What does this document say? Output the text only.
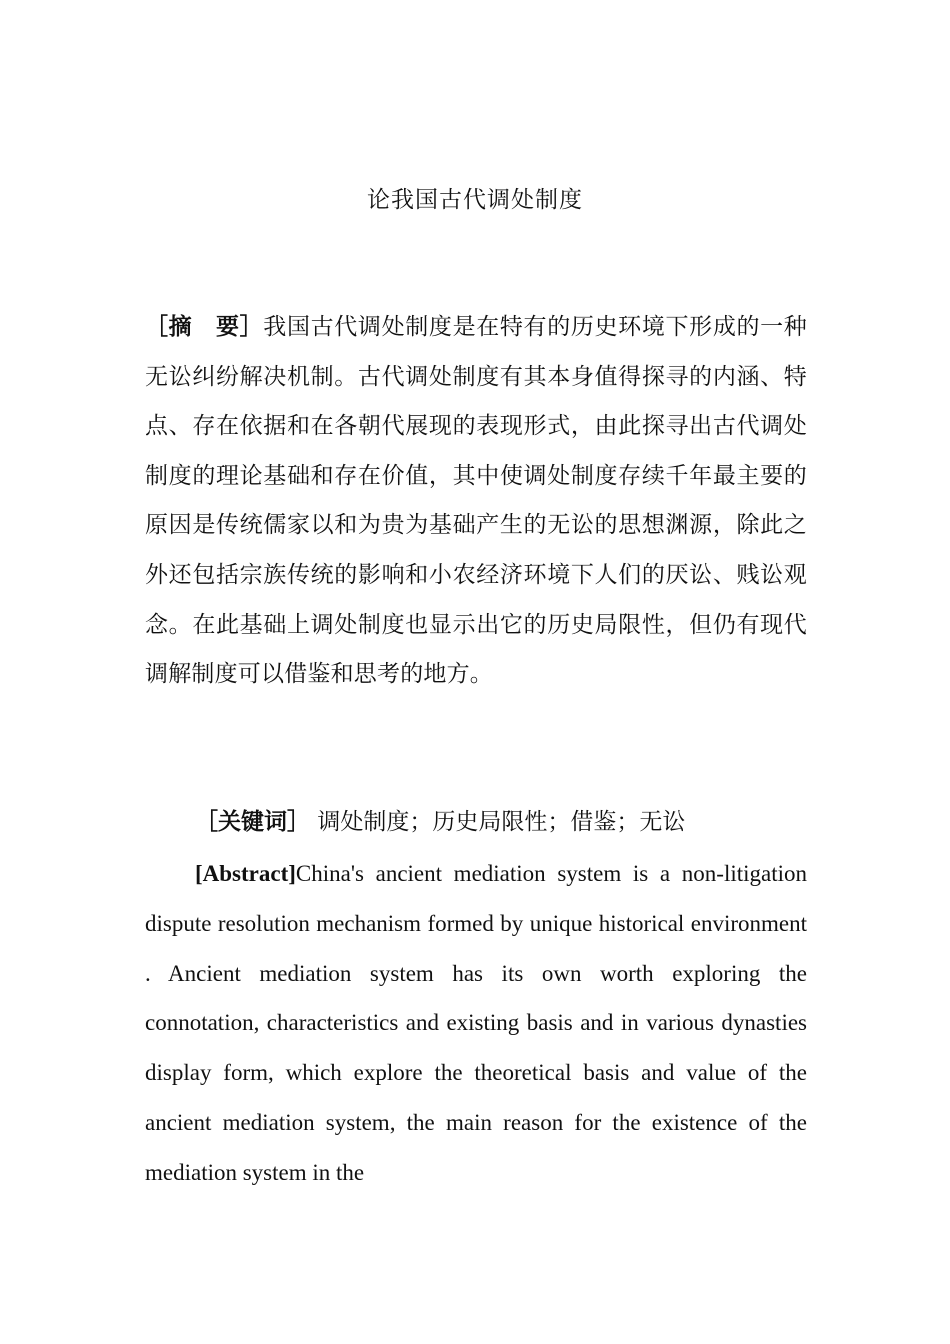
论我国古代调处制度

［摘　要］我国古代调处制度是在特有的历史环境下形成的一种无讼纠纷解决机制。古代调处制度有其本身值得探寻的内涵、特点、存在依据和在各朝代展现的表现形式，由此探寻出古代调处制度的理论基础和存在价值，其中使调处制度存续千年最主要的原因是传统儒家以和为贵为基础产生的无讼的思想渊源，除此之外还包括宗族传统的影响和小农经济环境下人们的厌讼、贱讼观念。在此基础上调处制度也显示出它的历史局限性，但仍有现代调解制度可以借鉴和思考的地方。

［关键词］ 调处制度；历史局限性；借鉴；无讼

[Abstract]China's ancient mediation system is a non-litigation dispute resolution mechanism formed by unique historical environment . Ancient mediation system has its own worth exploring the connotation, characteristics and existing basis and in various dynasties display form, which explore the theoretical basis and value of the ancient mediation system, the main reason for the existence of the mediation system in the
